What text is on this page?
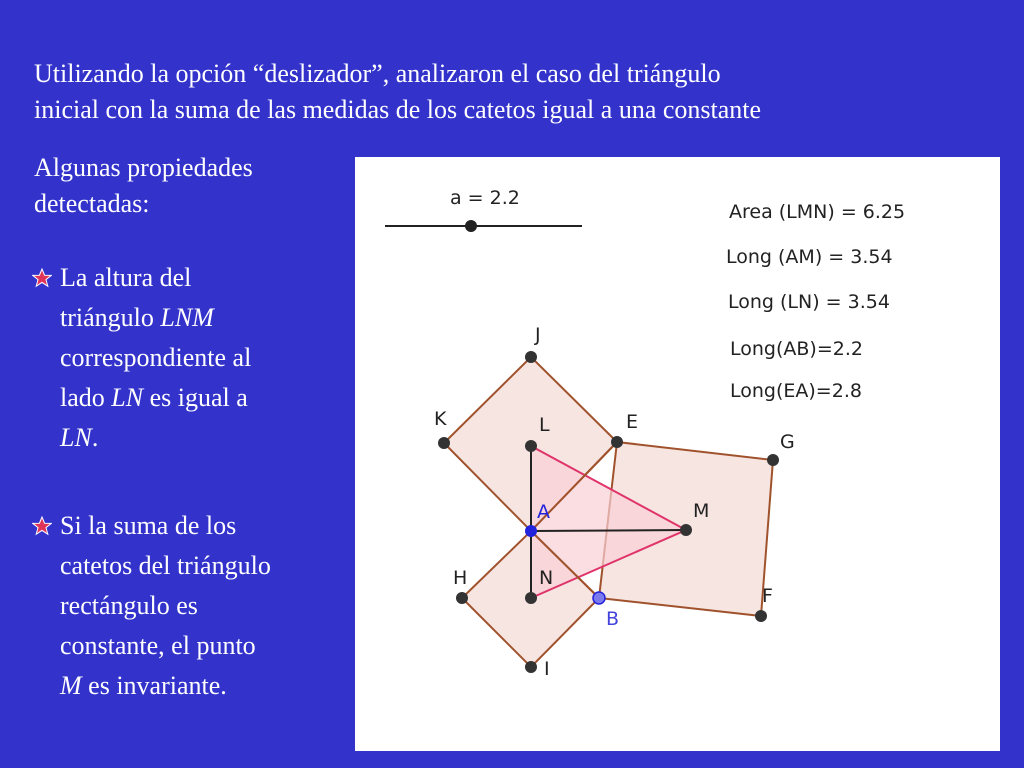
Utilizando la opción “deslizador”, analizaron el caso del triángulo
inicial con la suma de las medidas de los catetos igual a una constante
Algunas propiedades
detectadas:
La altura del
triángulo LNM
correspondiente al
lado LN es igual a
LN.
Si la suma de los
catetos del triángulo
rectángulo es
constante, el punto
M es invariante.
a = 2.2
Area (LMN) = 6.25
Long (AM) = 3.54
Long (LN) = 3.54
Long(AB)=2.2
Long(EA)=2.8
J
K	L	E
G
A	M
H	N
B
F
I
